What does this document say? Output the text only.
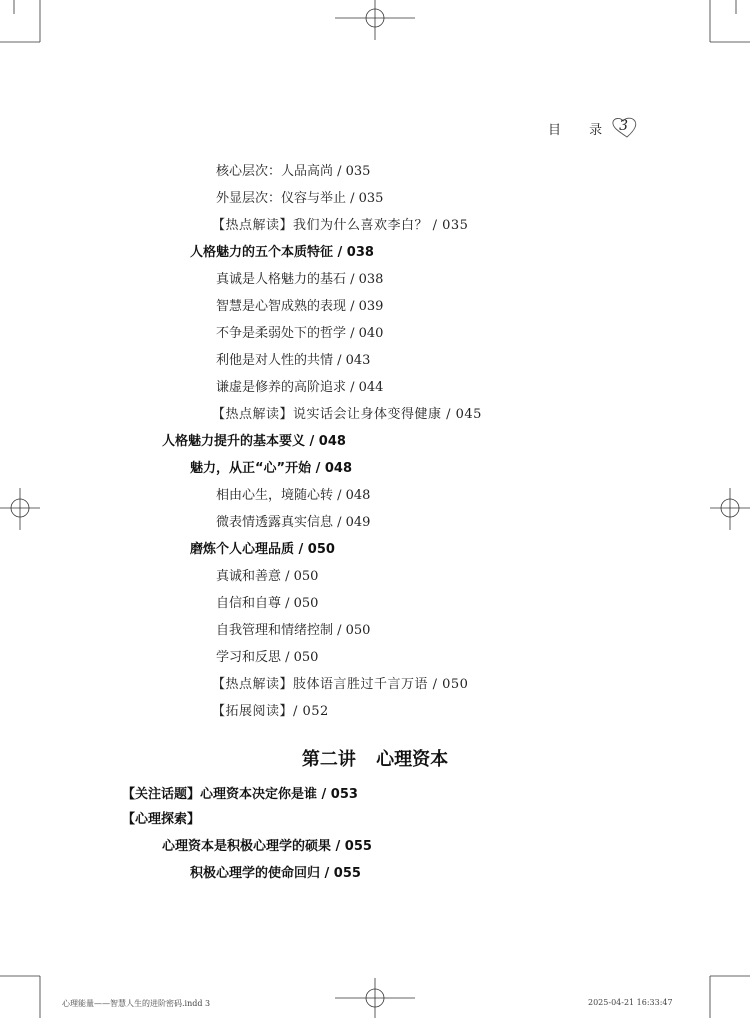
目 录 3
核心层次：人品高尚 / 035
外显层次：仪容与举止 / 035
【热点解读】我们为什么喜欢李白？ / 035
人格魅力的五个本质特征 / 038
真诚是人格魅力的基石 / 038
智慧是心智成熟的表现 / 039
不争是柔弱处下的哲学 / 040
利他是对人性的共情 / 043
谦虚是修养的高阶追求 / 044
【热点解读】说实话会让身体变得健康 / 045
人格魅力提升的基本要义 / 048
魅力，从正“心”开始 / 048
相由心生，境随心转 / 048
微表情透露真实信息 / 049
磨炼个人心理品质 / 050
真诚和善意 / 050
自信和自尊 / 050
自我管理和情绪控制 / 050
学习和反思 / 050
【热点解读】肢体语言胜过千言万语 / 050
【拓展阅读】/ 052
第二讲 心理资本
【关注话题】心理资本决定你是谁 / 053
【心理探索】
心理资本是积极心理学的硕果 / 055
积极心理学的使命回归 / 055
心理能量——智慧人生的进阶密码.indd 3	2025-04-21 16:33:47
